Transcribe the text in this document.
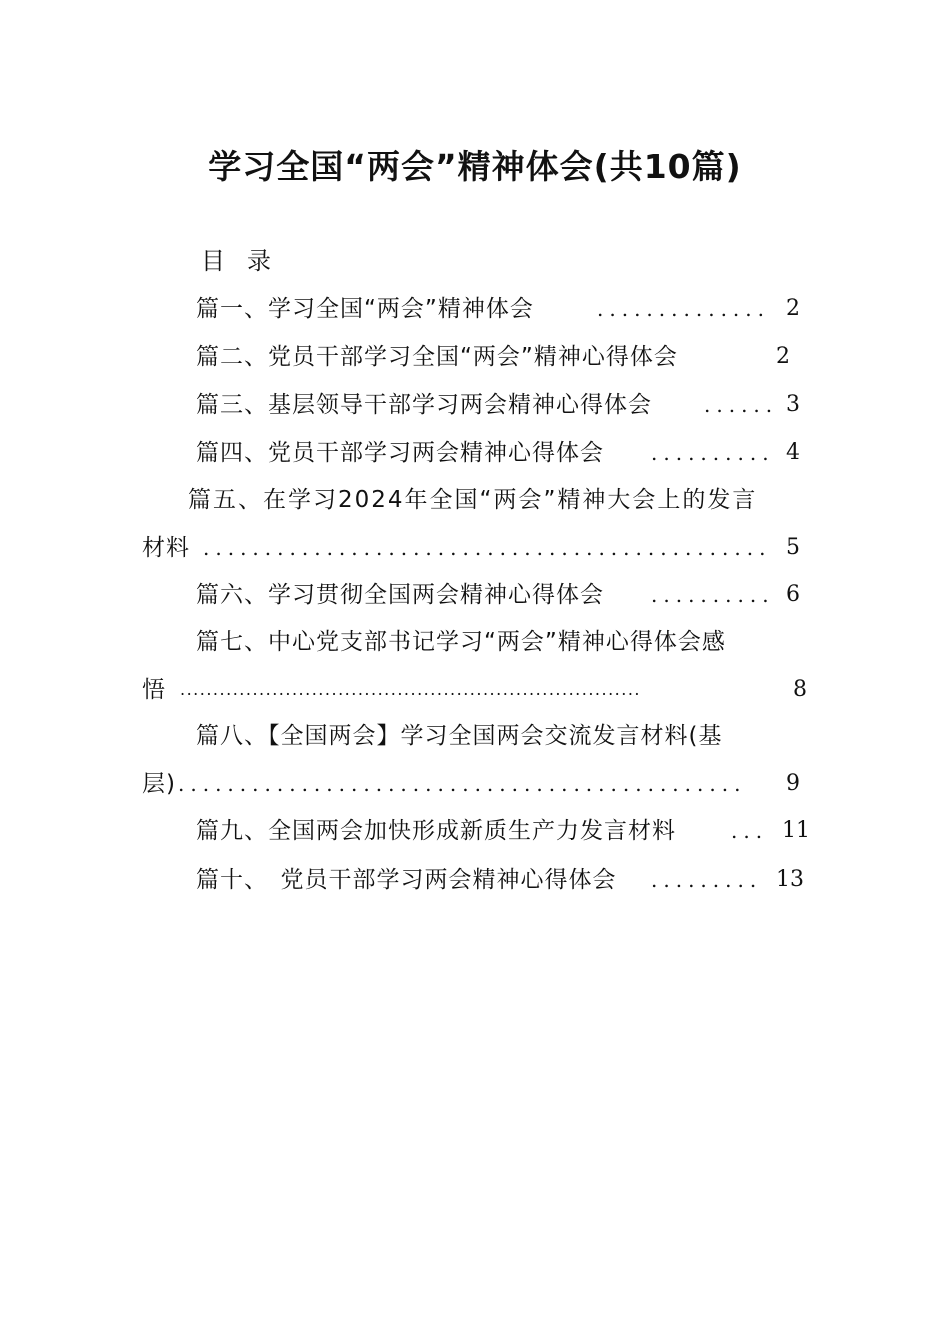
学习全国“两会”精神体会(共10篇)
目录
篇一、学习全国“两会”精神体会	.............. 2
篇二、党员干部学习全国“两会”精神心得体会	2
篇三、基层领导干部学习两会精神心得体会	...... 3
篇四、党员干部学习两会精神心得体会 .......... 4
篇五、在学习2024年全国“两会”精神大会上的发言
材料 .............................................. 5
篇六、学习贯彻全国两会精神心得体会 .......... 6
篇七、中心党支部书记学习“两会”精神心得体会感
悟 ......................................................................	8
篇八、【全国两会】学习全国两会交流发言材料(基
层) ..............................................	9
篇九、全国两会加快形成新质生产力发言材料	... 11
篇十、　党员干部学习两会精神心得体会 ......... 13
